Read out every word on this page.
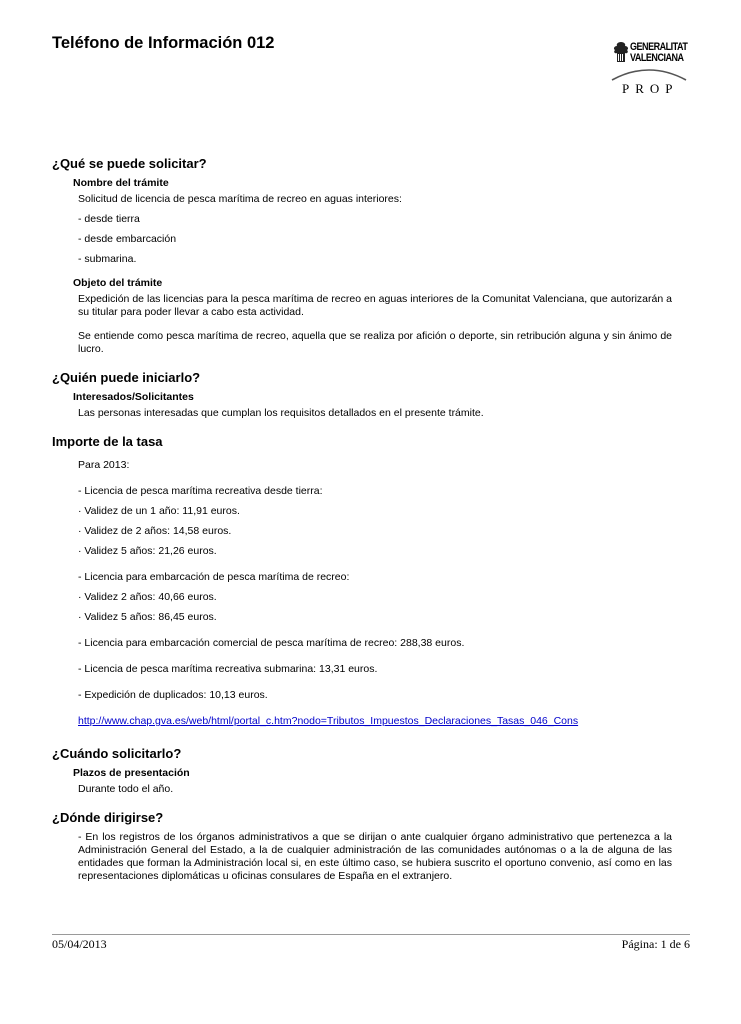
Teléfono de Información 012	GENERALITAT
VALENCIANA
PROP
¿Qué se puede solicitar?
Nombre del trámite
Solicitud de licencia de pesca marítima de recreo en aguas interiores:
- desde tierra
- desde embarcación
- submarina.
Objeto del trámite
Expedición de las licencias para la pesca marítima de recreo en aguas interiores de la Comunitat Valenciana, que autorizarán a su titular para poder llevar a cabo esta actividad.
Se entiende como pesca marítima de recreo, aquella que se realiza por afición o deporte, sin retribución alguna y sin ánimo de lucro.
¿Quién puede iniciarlo?
Interesados/Solicitantes
Las personas interesadas que cumplan los requisitos detallados en el presente trámite.
Importe de la tasa
Para 2013:
- Licencia de pesca marítima recreativa desde tierra:
· Validez de un 1 año: 11,91 euros.
· Validez de 2 años: 14,58 euros.
· Validez 5 años: 21,26 euros.
- Licencia para embarcación de pesca marítima de recreo:
· Validez 2 años: 40,66 euros.
· Validez 5 años: 86,45 euros.
- Licencia para embarcación comercial de pesca marítima de recreo: 288,38 euros.
- Licencia de pesca marítima recreativa submarina: 13,31 euros.
- Expedición de duplicados: 10,13 euros.
http://www.chap.gva.es/web/html/portal_c.htm?nodo=Tributos_Impuestos_Declaraciones_Tasas_046_Cons
¿Cuándo solicitarlo?
Plazos de presentación
Durante todo el año.
¿Dónde dirigirse?
- En los registros de los órganos administrativos a que se dirijan o ante cualquier órgano administrativo que pertenezca a la Administración General del Estado, a la de cualquier administración de las comunidades autónomas o a la de alguna de las entidades que forman la Administración local si, en este último caso, se hubiera suscrito el oportuno convenio, así como en las representaciones diplomáticas u oficinas consulares de España en el extranjero.
05/04/2013	Página: 1 de 6
